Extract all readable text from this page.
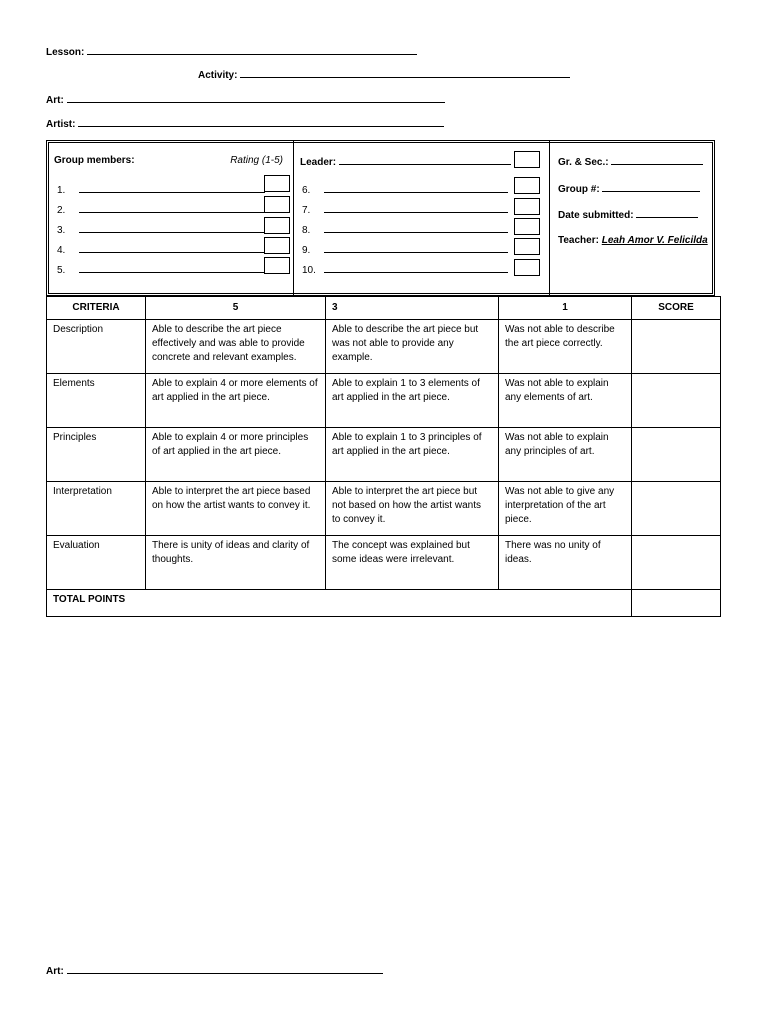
Lesson:
Activity:
Art:
Artist:
Group members:	Rating (1-5)
1.
2.
3.
4.
5.
Leader:
6.
7.
8.
9.
10.
Gr. & Sec.:
Group #:
Date submitted:
Teacher: Leah Amor V. Felicilda
CRITERIA	5	3	1	SCORE
Description	Able to describe the art piece effectively and was able to provide concrete and relevant examples.	Able to describe the art piece but was not able to provide any example.	Was not able to describe the art piece correctly.	
Elements	Able to explain 4 or more elements of art applied in the art piece.	Able to explain 1 to 3 elements of art applied in the art piece.	Was not able to explain any elements of art.	
Principles	Able to explain 4 or more principles of art applied in the art piece.	Able to explain 1 to 3 principles of art applied in the art piece.	Was not able to explain any principles of art.	
Interpretation	Able to interpret the art piece based on how the artist wants to convey it.	Able to interpret the art piece but not based on how the artist wants to convey it.	Was not able to give any interpretation of the art piece.	
Evaluation	There is unity of ideas and clarity of thoughts.	The concept was explained but some ideas were irrelevant.	There was no unity of ideas.	
TOTAL POINTS				
Art:
